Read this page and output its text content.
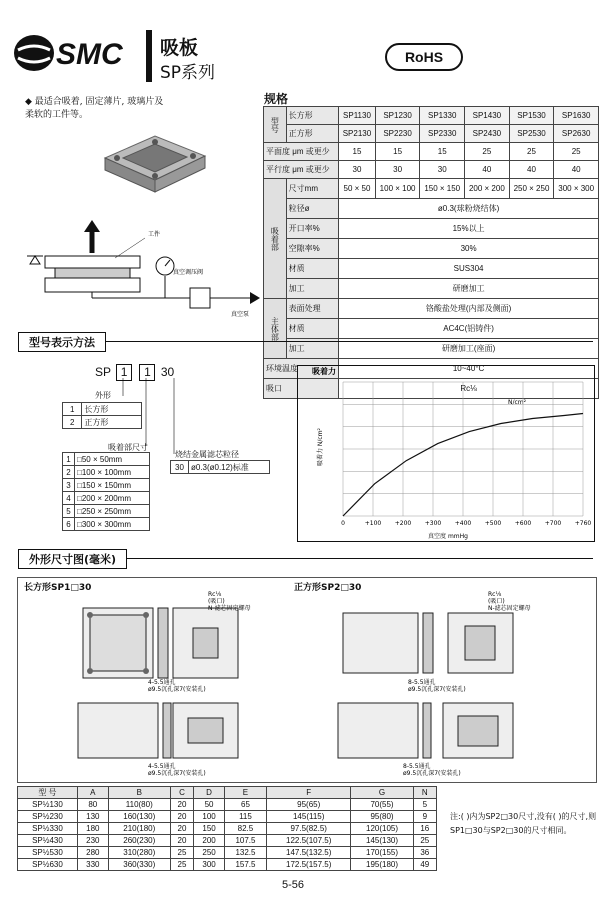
SMC 吸板
SP系列
RoHS
◆ 最适合吸着, 固定薄片, 玻璃片及柔软的工件等。
工件
真空调压阀
真空泵
规格
型号	长方形	SP1130	SP1230	SP1330	SP1430	SP1530	SP1630
	正方形	SP2130	SP2230	SP2330	SP2430	SP2530	SP2630
平面度 μm 或更少		15	15	15	25	25	25
平行度 μm 或更少		30	30	30	40	40	40
吸着部	尺寸mm	50 × 50	100 × 100	150 × 150	200 × 200	250 × 250	300 × 300
	粒径ø	ø0.3(球粉烧结体)					
	开口率%	15%以上					
	空隙率%	30%					
	材质	SUS304					
	加工	研磨加工					
主体部	表面处理	铬酸盐处理(内部及侧面)					
	材质	AC4C(铝铸件)					
	加工	研磨加工(座面)					
环境温度		10~40°C					
吸口		Rc⅛					
型号表示方法
SP 1 1 30
外形
1	长方形
2	正方形
吸着部尺寸
1	□50 × 50mm
2	□100 × 100mm
3	□150 × 150mm
4	□200 × 200mm
5	□250 × 250mm
6	□300 × 300mm
烧结金属滤芯粒径
30	ø0.3(ø0.12)标准
吸着力
N/cm²
真空度 mmHg
吸着力 N/cm²
0	+100 +200 +300 +400 +500 +600 +700 +760
外形尺寸图(毫米)
长方形SP1□30	正方形SP2□30
Rc⅛
(吸口)
N-滤芯固定螺母
4-5.5通孔
ø9.5沉孔深7(安装孔)
4-5.5通孔
ø9.5沉孔深7(安装孔)
Rc⅛
(吸口)
N-滤芯固定螺母
8-5.5通孔
ø9.5沉孔深7(安装孔)
8-5.5通孔
ø9.5沉孔深7(安装孔)
型 号	A	B	C	D	E	F	G	N
SP½130	80	110(80)	20	50	65	95(65)	70(55)	5
SP½230	130	160(130)	20	100	115	145(115)	95(80)	9
SP½330	180	210(180)	20	150	82.5	97.5(82.5)	120(105)	16
SP½430	230	260(230)	20	200	107.5	122.5(107.5)	145(130)	25
SP½530	280	310(280)	25	250	132.5	147.5(132.5)	170(155)	36
SP½630	330	360(330)	25	300	157.5	172.5(157.5)	195(180)	49
注:( )内为SP2□30尺寸,没有( )的尺寸,则SP1□30与SP2□30的尺寸相同。
5-56
